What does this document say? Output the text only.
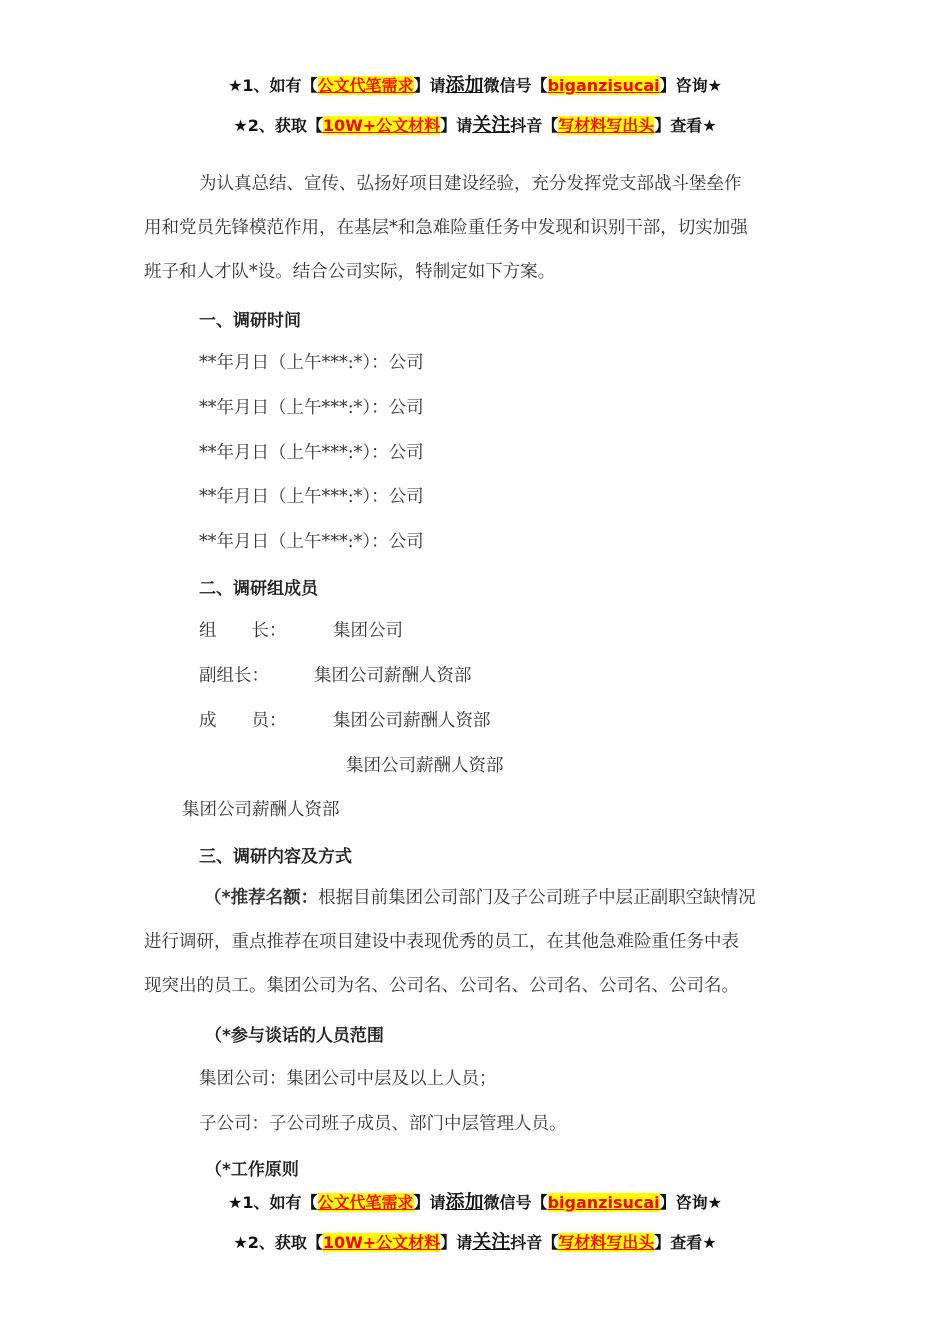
★1、如有【公文代笔需求】请添加微信号【biganzisucai】咨询★
★2、获取【10W+公文材料】请关注抖音【写材料写出头】查看★
为认真总结、宣传、弘扬好项目建设经验，充分发挥党支部战斗堡垒作
用和党员先锋模范作用，在基层*和急难险重任务中发现和识别干部，切实加强
班子和人才队*设。结合公司实际，特制定如下方案。
一、调研时间
**年月日（上午***:*）：公司
**年月日（上午***:*）：公司
**年月日（上午***:*）：公司
**年月日（上午***:*）：公司
**年月日（上午***:*）：公司
二、调研组成员
组　　长：	集团公司
副组长：	集团公司薪酬人资部
成　　员：	集团公司薪酬人资部
集团公司薪酬人资部
集团公司薪酬人资部
三、调研内容及方式
（*推荐名额：根据目前集团公司部门及子公司班子中层正副职空缺情况
进行调研，重点推荐在项目建设中表现优秀的员工，在其他急难险重任务中表
现突出的员工。集团公司为名、公司名、公司名、公司名、公司名、公司名。
（*参与谈话的人员范围
集团公司：集团公司中层及以上人员；
子公司：子公司班子成员、部门中层管理人员。
（*工作原则
★1、如有【公文代笔需求】请添加微信号【biganzisucai】咨询★
★2、获取【10W+公文材料】请关注抖音【写材料写出头】查看★
